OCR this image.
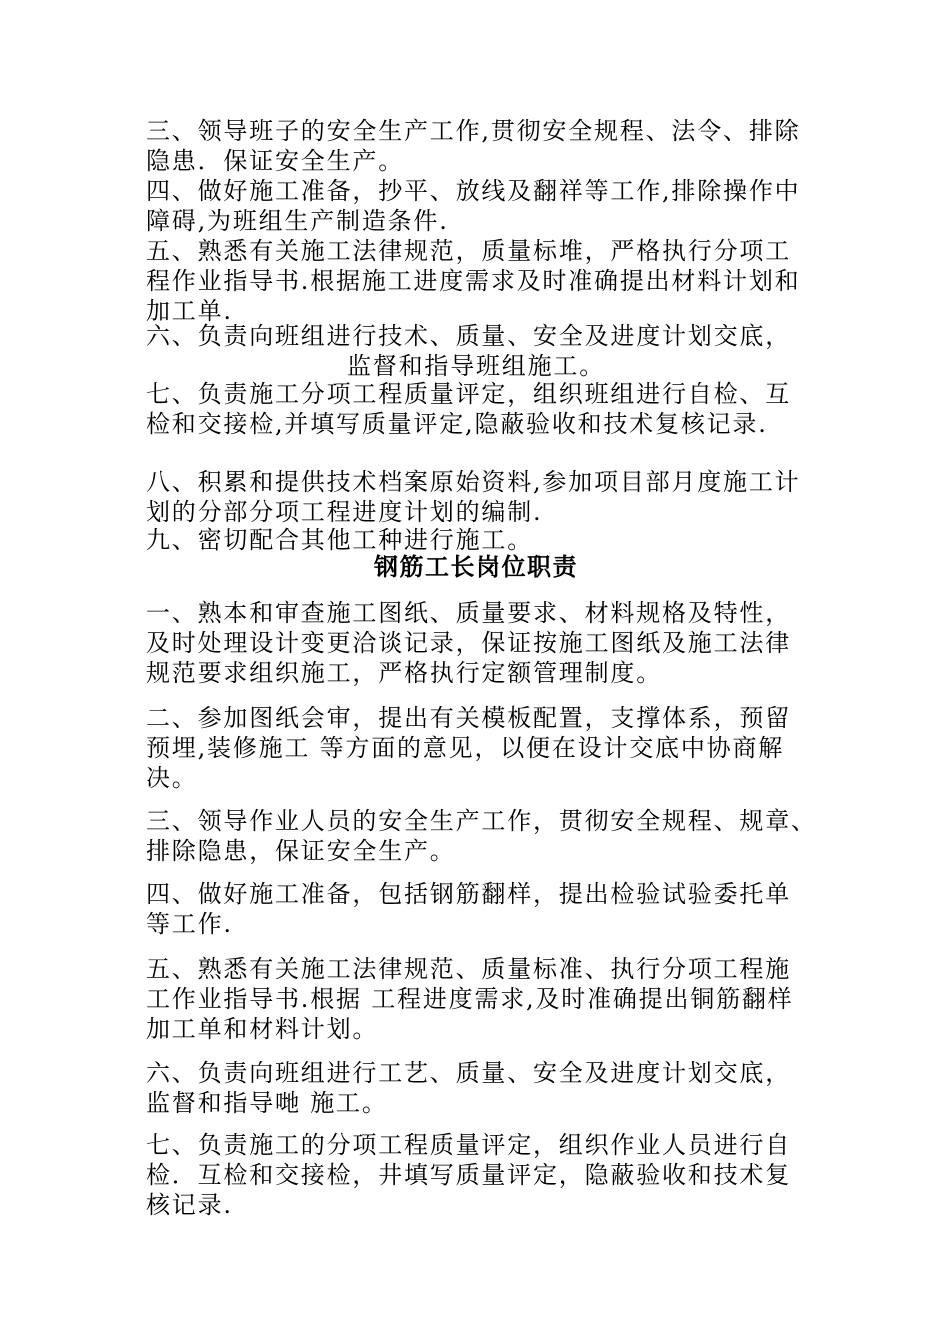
三、领导班子的安全生产工作,贯彻安全规程、法令、排除
隐患．保证安全生产。

四、做好施工准备，抄平、放线及翻祥等工作,排除操作中
障碍,为班组生产制造条件.

五、熟悉有关施工法律规范，质量标堆，严格执行分项工
程作业指导书.根据施工进度需求及时准确提出材料计划和
加工单.

六、负责向班组进行技术、质量、安全及进度计划交底，
监督和指导班组施工。

七、负责施工分项工程质量评定，组织班组进行自检、互
检和交接检,并填写质量评定,隐蔽验收和技术复核记录.

八、积累和提供技术档案原始资料,参加项目部月度施工计
划的分部分项工程进度计划的编制.

九、密切配合其他工种进行施工。

钢筋工长岗位职责

一、熟本和审查施工图纸、质量要求、材料规格及特性，
及时处理设计变更洽谈记录，保证按施工图纸及施工法律
规范要求组织施工，严格执行定额管理制度。

二、参加图纸会审，提出有关模板配置，支撑体系，预留
预埋,装修施工 等方面的意见，以便在设计交底中协商解
决。

三、领导作业人员的安全生产工作，贯彻安全规程、规章、
排除隐患，保证安全生产。

四、做好施工准备，包括钢筋翻样，提出检验试验委托单
等工作.

五、熟悉有关施工法律规范、质量标准、执行分项工程施
工作业指导书.根据 工程进度需求,及时准确提出铜筋翻样
加工单和材料计划。

六、负责向班组进行工艺、质量、安全及进度计划交底，
监督和指导哋 施工。

七、负责施工的分项工程质量评定，组织作业人员进行自
检．互检和交接检，井填写质量评定，隐蔽验收和技术复
核记录.
